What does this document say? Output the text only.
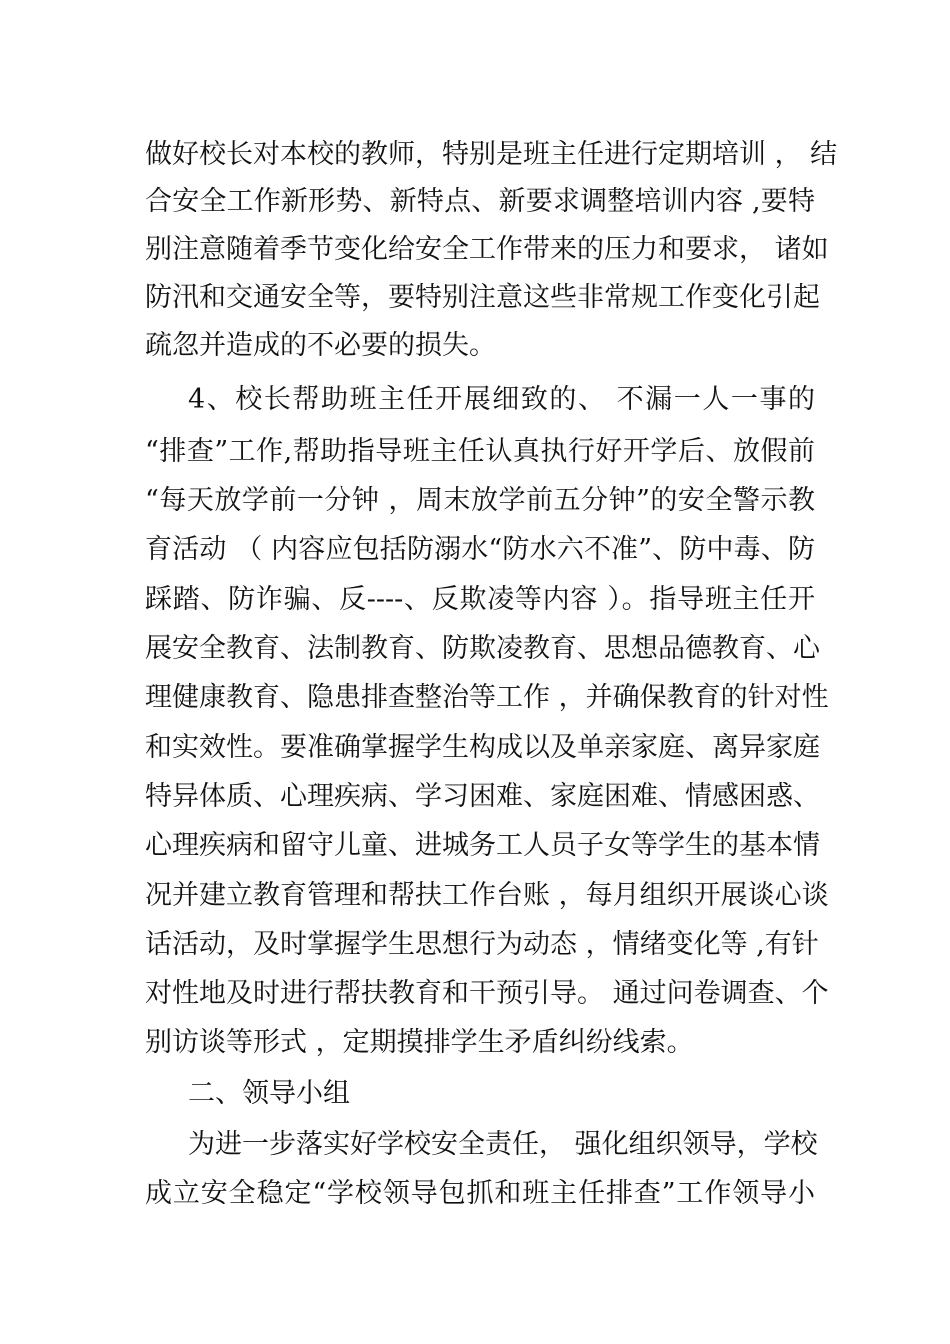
做好校长对本校的教师，特别是班主任进行定期培训 ， 结
合安全工作新形势、新特点、新要求调整培训内容 ,要特
别注意随着季节变化给安全工作带来的压力和要求， 诸如
防汛和交通安全等，要特别注意这些非常规工作变化引起
疏忽并造成的不必要的损失。
4、校长帮助班主任开展细致的、 不漏一人一事的
“排查”工作,帮助指导班主任认真执行好开学后、放假前
“每天放学前一分钟 ，周末放学前五分钟”的安全警示教
育活动 （ 内容应包括防溺水“防水六不准”、防中毒、防
踩踏、防诈骗、反----、反欺凌等内容 ）。指导班主任开
展安全教育、法制教育、防欺凌教育、思想品德教育、心
理健康教育、隐患排查整治等工作 ，并确保教育的针对性
和实效性。要准确掌握学生构成以及单亲家庭、离异家庭
特异体质、心理疾病、学习困难、家庭困难、情感困惑、
心理疾病和留守儿童、进城务工人员子女等学生的基本情
况并建立教育管理和帮扶工作台账 ，每月组织开展谈心谈
话活动，及时掌握学生思想行为动态 ，情绪变化等 ,有针
对性地及时进行帮扶教育和干预引导。 通过问卷调查、个
别访谈等形式 ，定期摸排学生矛盾纠纷线索。
二、领导小组
为进一步落实好学校安全责任， 强化组织领导，学校
成立安全稳定“学校领导包抓和班主任排查”工作领导小
